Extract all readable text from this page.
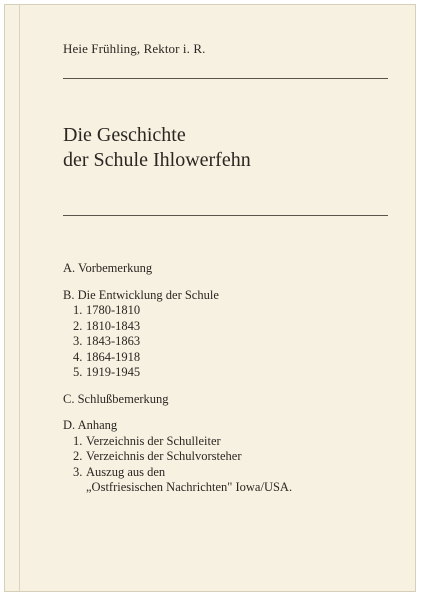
Heie Frühling, Rektor i. R.
Die Geschichte
der Schule Ihlowerfehn
A. Vorbemerkung
B. Die Entwicklung der Schule
1. 1780-1810
2. 1810-1843
3. 1843-1863
4. 1864-1918
5. 1919-1945
C. Schlußbemerkung
D. Anhang
1. Verzeichnis der Schulleiter
2. Verzeichnis der Schulvorsteher
3. Auszug aus den
„Ostfriesischen Nachrichten" Iowa/USA.
